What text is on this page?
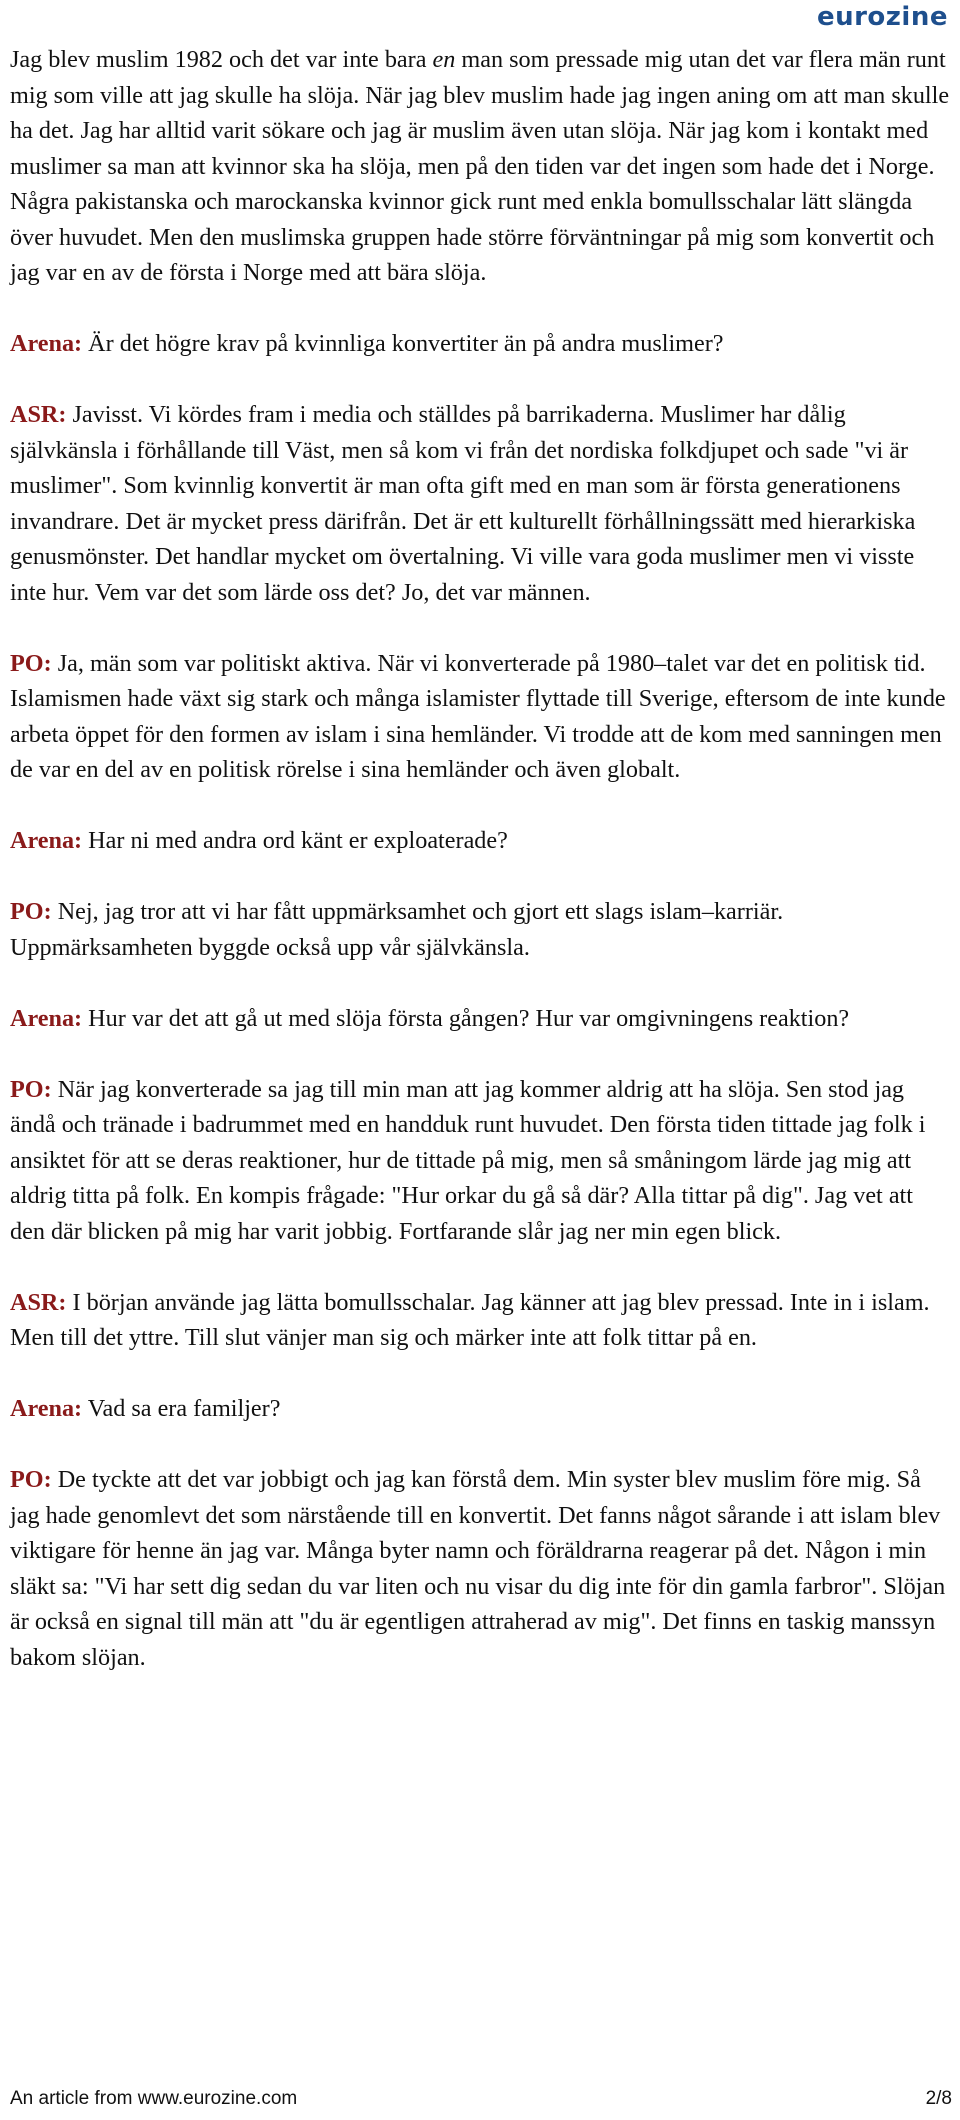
eurozine

Jag blev muslim 1982 och det var inte bara en man som pressade mig utan det var flera män runt mig som ville att jag skulle ha slöja. När jag blev muslim hade jag ingen aning om att man skulle ha det. Jag har alltid varit sökare och jag är muslim även utan slöja. När jag kom i kontakt med muslimer sa man att kvinnor ska ha slöja, men på den tiden var det ingen som hade det i Norge. Några pakistanska och marockanska kvinnor gick runt med enkla bomullsschalar lätt slängda över huvudet. Men den muslimska gruppen hade större förväntningar på mig som konvertit och jag var en av de första i Norge med att bära slöja.

Arena: Är det högre krav på kvinnliga konvertiter än på andra muslimer?

ASR: Javisst. Vi kördes fram i media och ställdes på barrikaderna. Muslimer har dålig självkänsla i förhållande till Väst, men så kom vi från det nordiska folkdjupet och sade "vi är muslimer". Som kvinnlig konvertit är man ofta gift med en man som är första generationens invandrare. Det är mycket press därifrån. Det är ett kulturellt förhållningssätt med hierarkiska genusmönster. Det handlar mycket om övertalning. Vi ville vara goda muslimer men vi visste inte hur. Vem var det som lärde oss det? Jo, det var männen.

PO: Ja, män som var politiskt aktiva. När vi konverterade på 1980–talet var det en politisk tid. Islamismen hade växt sig stark och många islamister flyttade till Sverige, eftersom de inte kunde arbeta öppet för den formen av islam i sina hemländer. Vi trodde att de kom med sanningen men de var en del av en politisk rörelse i sina hemländer och även globalt.

Arena: Har ni med andra ord känt er exploaterade?

PO: Nej, jag tror att vi har fått uppmärksamhet och gjort ett slags islam–karriär. Uppmärksamheten byggde också upp vår självkänsla.

Arena: Hur var det att gå ut med slöja första gången? Hur var omgivningens reaktion?

PO: När jag konverterade sa jag till min man att jag kommer aldrig att ha slöja. Sen stod jag ändå och tränade i badrummet med en handduk runt huvudet. Den första tiden tittade jag folk i ansiktet för att se deras reaktioner, hur de tittade på mig, men så småningom lärde jag mig att aldrig titta på folk. En kompis frågade: "Hur orkar du gå så där? Alla tittar på dig". Jag vet att den där blicken på mig har varit jobbig. Fortfarande slår jag ner min egen blick.

ASR: I början använde jag lätta bomullsschalar. Jag känner att jag blev pressad. Inte in i islam. Men till det yttre. Till slut vänjer man sig och märker inte att folk tittar på en.

Arena: Vad sa era familjer?

PO: De tyckte att det var jobbigt och jag kan förstå dem. Min syster blev muslim före mig. Så jag hade genomlevt det som närstående till en konvertit. Det fanns något sårande i att islam blev viktigare för henne än jag var. Många byter namn och föräldrarna reagerar på det. Någon i min släkt sa: "Vi har sett dig sedan du var liten och nu visar du dig inte för din gamla farbror". Slöjan är också en signal till män att "du är egentligen attraherad av mig". Det finns en taskig manssyn bakom slöjan.

An article from www.eurozine.com	2/8
